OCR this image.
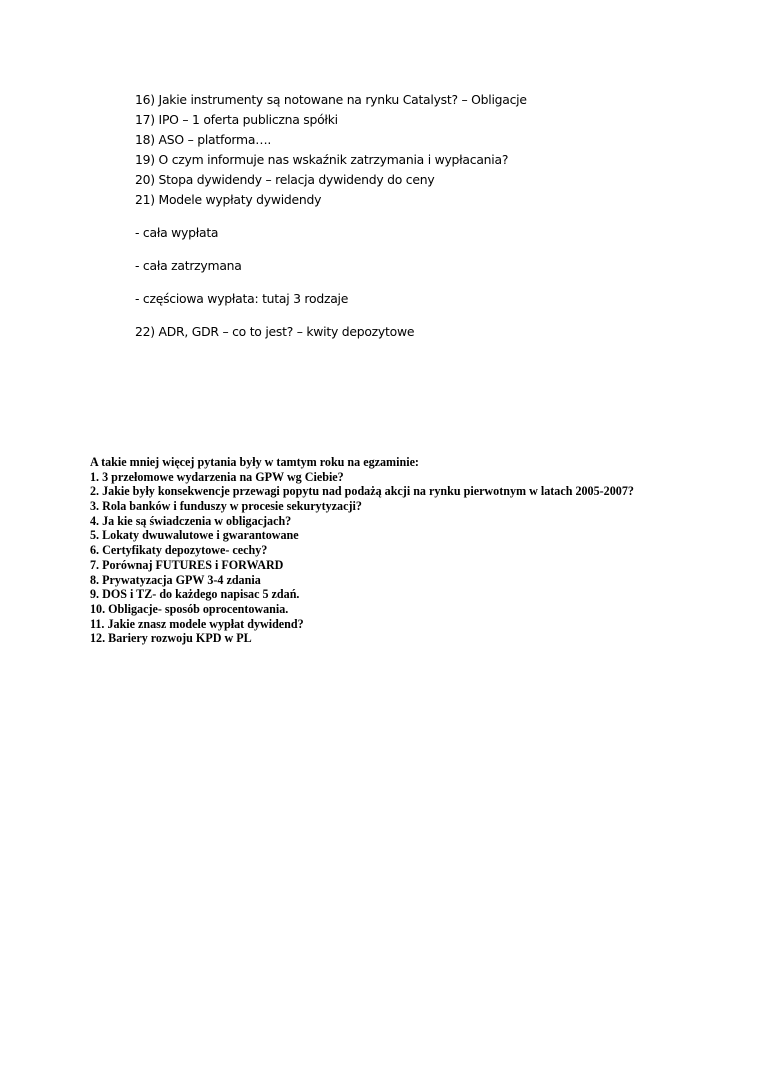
16) Jakie instrumenty są notowane na rynku Catalyst? – Obligacje
17) IPO – 1 oferta publiczna spółki
18) ASO – platforma….
19) O czym informuje nas wskaźnik zatrzymania i wypłacania?
20) Stopa dywidendy – relacja dywidendy do ceny
21) Modele wypłaty dywidendy
- cała wypłata
- cała zatrzymana
- częściowa wypłata: tutaj 3 rodzaje
22) ADR, GDR – co to jest? – kwity depozytowe
A takie mniej więcej pytania były w tamtym roku na egzaminie:
1. 3 przełomowe wydarzenia na GPW wg Ciebie?
2. Jakie były konsekwencje przewagi popytu nad podażą akcji na rynku pierwotnym w latach 2005-2007?
3. Rola banków i funduszy w procesie sekurytyzacji?
4. Ja kie są świadczenia w obligacjach?
5. Lokaty dwuwalutowe i gwarantowane
6. Certyfikaty depozytowe- cechy?
7. Porównaj FUTURES i FORWARD
8. Prywatyzacja GPW 3-4 zdania
9. DOS i TZ- do każdego napisac 5 zdań.
10. Obligacje- sposób oprocentowania.
11. Jakie znasz modele wypłat dywidend?
12. Bariery rozwoju KPD w PL
